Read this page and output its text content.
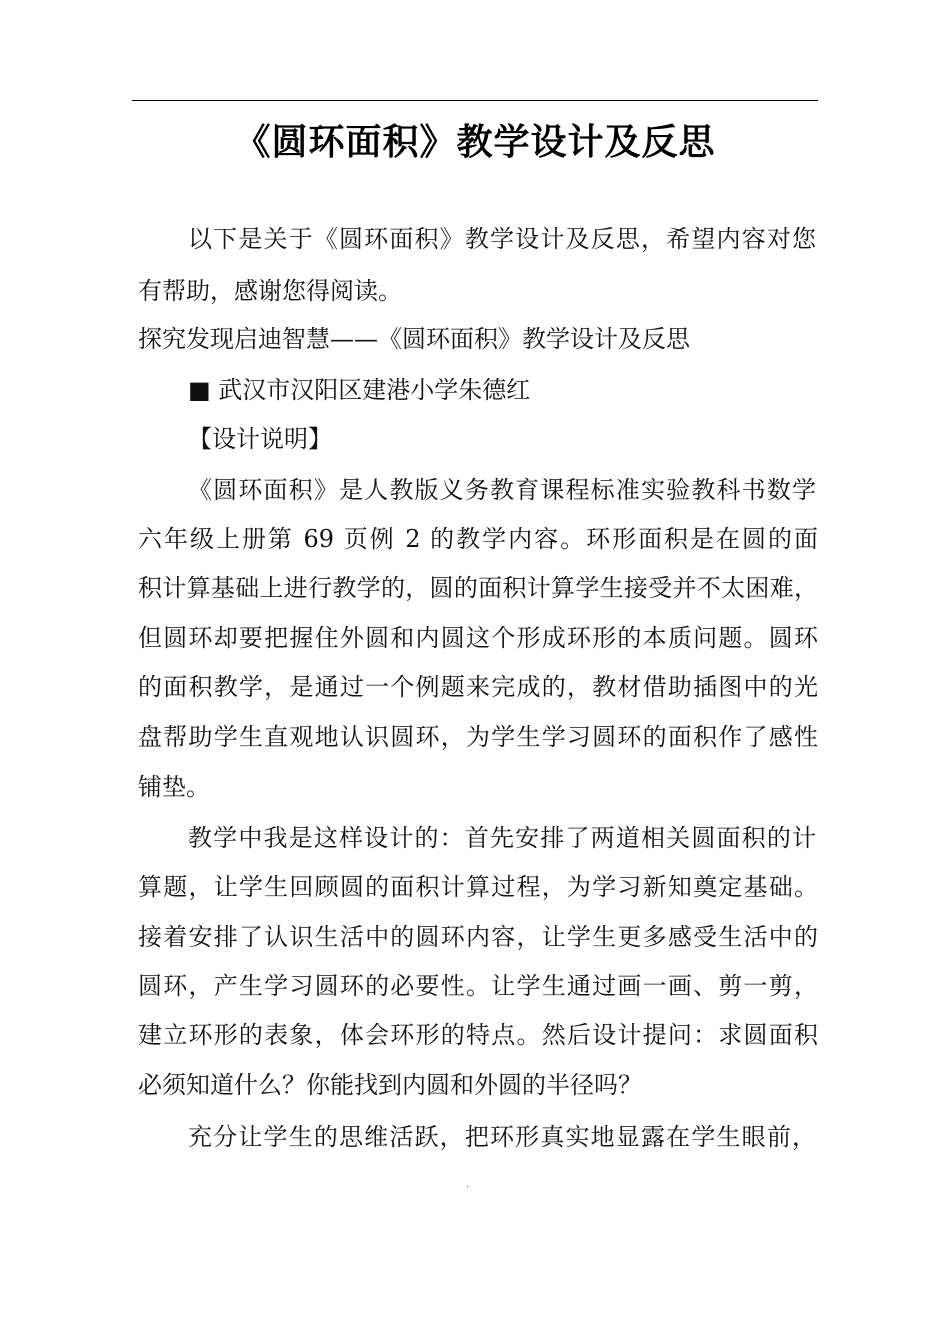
《圆环面积》教学设计及反思
以下是关于《圆环面积》教学设计及反思，希望内容对您
有帮助，感谢您得阅读。
探究发现启迪智慧——《圆环面积》教学设计及反思
■ 武汉市汉阳区建港小学朱德红
【设计说明】
《圆环面积》是人教版义务教育课程标准实验教科书数学
六年级上册第 69 页例 2 的教学内容。环形面积是在圆的面
积计算基础上进行教学的，圆的面积计算学生接受并不太困难，
但圆环却要把握住外圆和内圆这个形成环形的本质问题。圆环
的面积教学，是通过一个例题来完成的，教材借助插图中的光
盘帮助学生直观地认识圆环，为学生学习圆环的面积作了感性
铺垫。
教学中我是这样设计的：首先安排了两道相关圆面积的计
算题，让学生回顾圆的面积计算过程，为学习新知奠定基础。
接着安排了认识生活中的圆环内容，让学生更多感受生活中的
圆环，产生学习圆环的必要性。让学生通过画一画、剪一剪，
建立环形的表象，体会环形的特点。然后设计提问：求圆面积
必须知道什么？你能找到内圆和外圆的半径吗？
充分让学生的思维活跃，把环形真实地显露在学生眼前，
.
